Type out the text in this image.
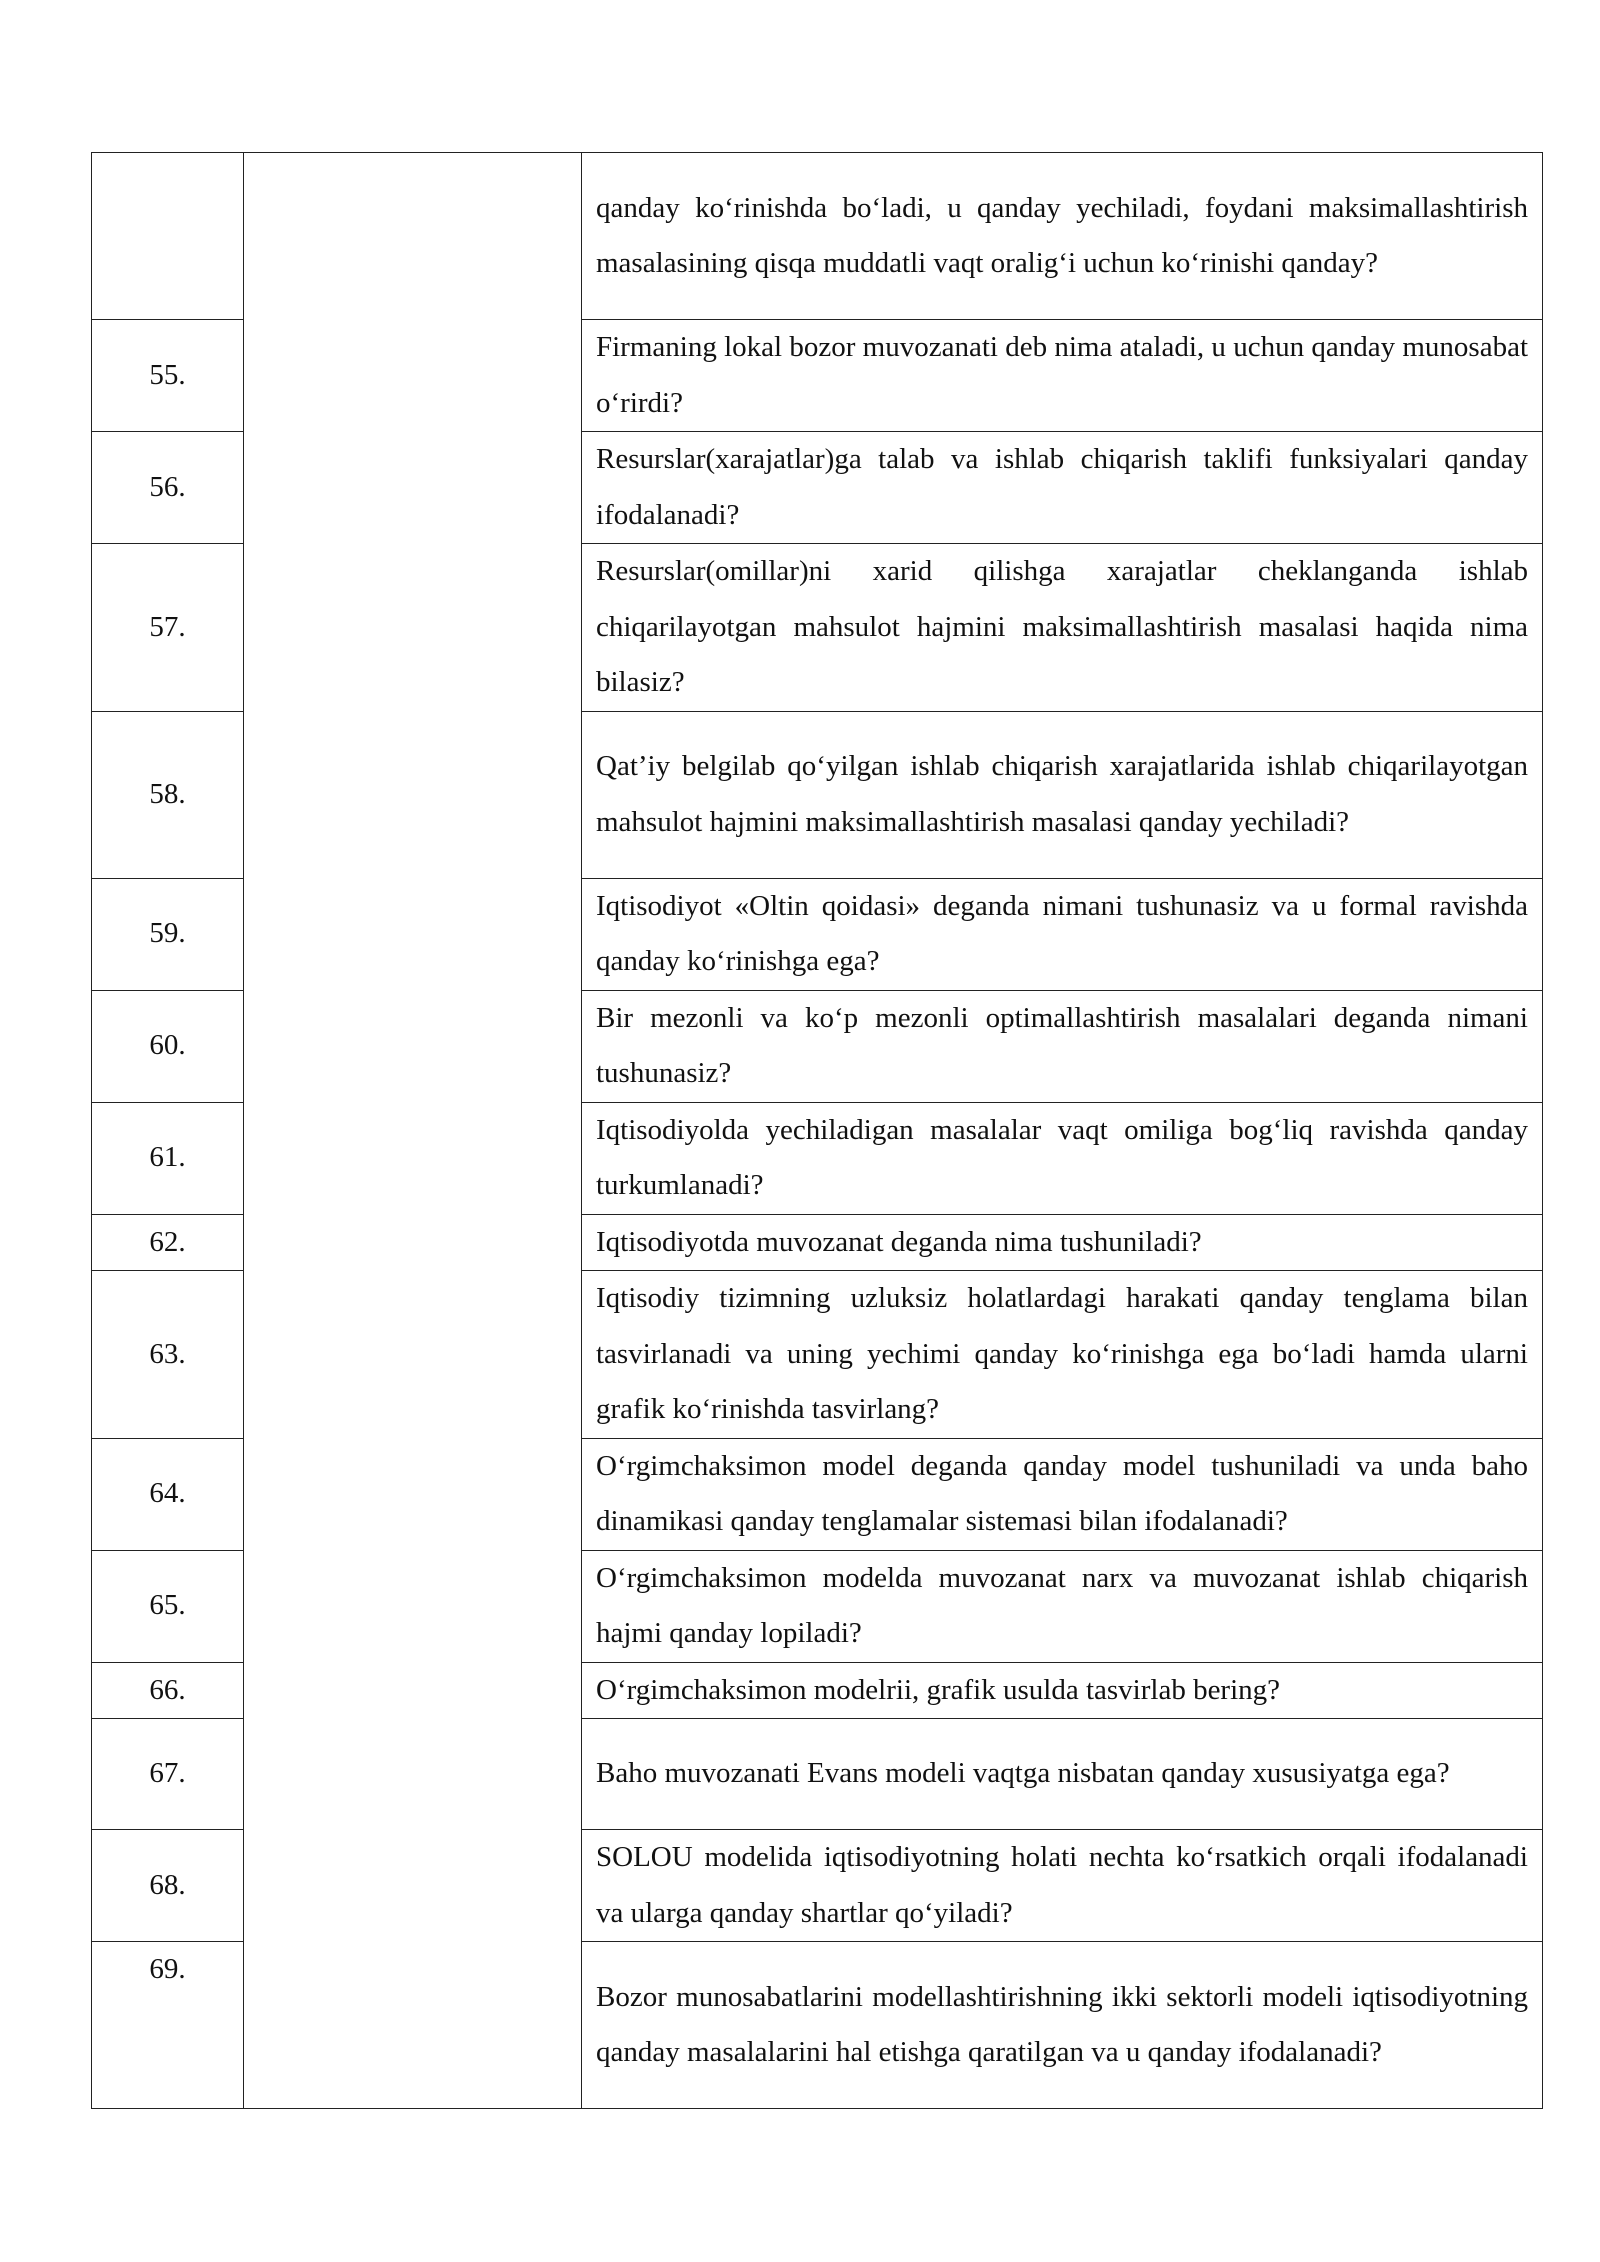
		qanday ko‘rinishda bo‘ladi, u qanday yechiladi, foydani maksimallashtirish masalasining qisqa muddatli vaqt oralig‘i uchun ko‘rinishi qanday?
55.		Firmaning lokal bozor muvozanati deb nima ataladi, u uchun qanday munosabat o‘rirdi?
56.		Resurslar(xarajatlar)ga talab va ishlab chiqarish taklifi funksiyalari qanday ifodalanadi?
57.		Resurslar(omillar)ni xarid qilishga xarajatlar cheklanganda ishlab chiqarilayotgan mahsulot hajmini maksimallashtirish masalasi haqida nima bilasiz?
58.		Qat’iy belgilab qo‘yilgan ishlab chiqarish xarajatlarida ishlab chiqarilayotgan mahsulot hajmini maksimallashtirish masalasi qanday yechiladi?
59.		Iqtisodiyot «Oltin qoidasi» deganda nimani tushunasiz va u formal ravishda qanday ko‘rinishga ega?
60.		Bir mezonli va ko‘p mezonli optimallashtirish masalalari deganda nimani tushunasiz?
61.		Iqtisodiyolda yechiladigan masalalar vaqt omiliga bog‘liq ravishda qanday turkumlanadi?
62.		Iqtisodiyotda muvozanat deganda nima tushuniladi?
63.		Iqtisodiy tizimning uzluksiz holatlardagi harakati qanday tenglama bilan tasvirlanadi va uning yechimi qanday ko‘rinishga ega bo‘ladi hamda ularni grafik ko‘rinishda tasvirlang?
64.		O‘rgimchaksimon model deganda qanday model tushuniladi va unda baho dinamikasi qanday tenglamalar sistemasi bilan ifodalanadi?
65.		O‘rgimchaksimon modelda muvozanat narx va muvozanat ishlab chiqarish hajmi qanday lopiladi?
66.		O‘rgimchaksimon modelrii, grafik usulda tasvirlab bering?
67.		Baho muvozanati Evans modeli vaqtga nisbatan qanday xususiyatga ega?
68.		SOLOU modelida iqtisodiyotning holati nechta ko‘rsatkich orqali ifodalanadi va ularga qanday shartlar qo‘yiladi?
69.		Bozor munosabatlarini modellashtirishning ikki sektorli modeli iqtisodiyotning qanday masalalarini hal etishga qaratilgan va u qanday ifodalanadi?
